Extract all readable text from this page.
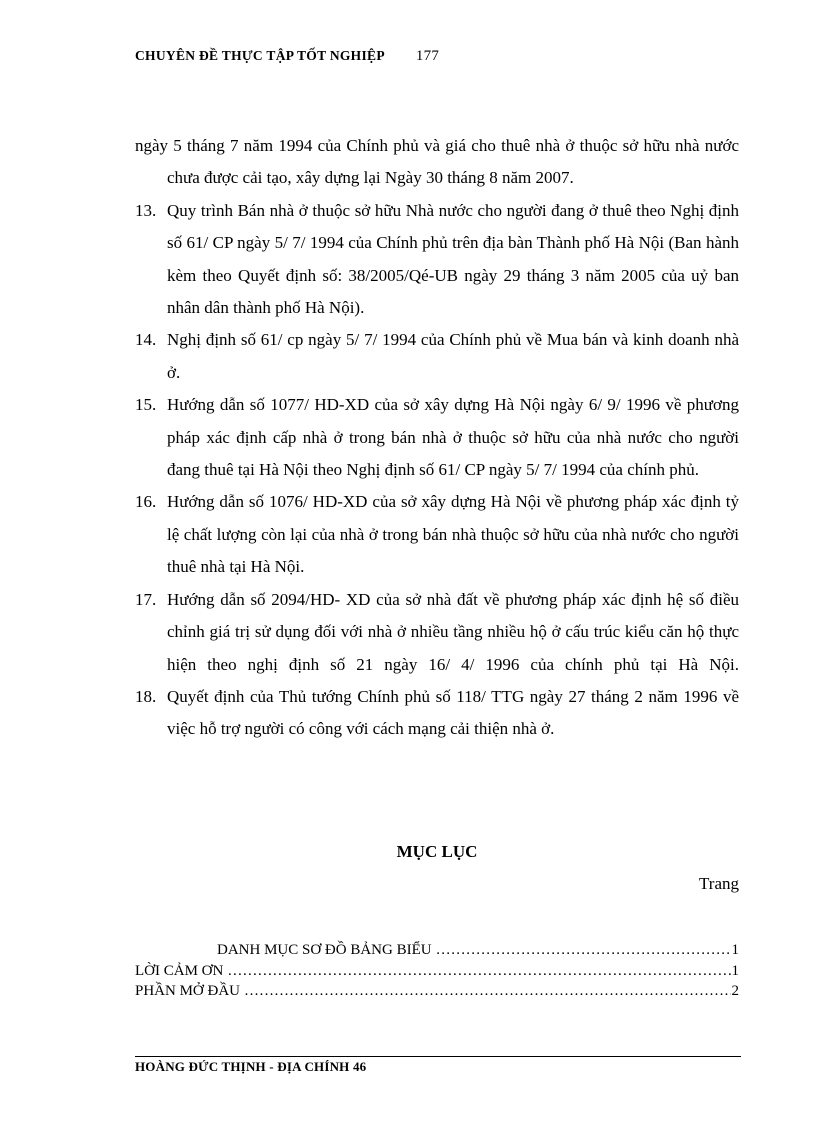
CHUYÊN ĐỀ THỰC TẬP TỐT NGHIỆP 177
ngày 5 tháng 7 năm 1994 của Chính phủ và giá cho thuê nhà ở thuộc sở hữu nhà nước chưa được cải tạo, xây dựng lại Ngày 30 tháng 8 năm 2007.
13. Quy trình Bán nhà ở thuộc sở hữu Nhà nước cho người đang ở thuê theo Nghị định số 61/ CP ngày 5/ 7/ 1994 của Chính phủ trên địa bàn Thành phố Hà Nội (Ban hành kèm theo Quyết định số: 38/2005/Qé-UB ngày 29 tháng 3 năm 2005 của uỷ ban nhân dân thành phố Hà Nội).
14. Nghị định số 61/ cp ngày 5/ 7/ 1994 của Chính phủ về Mua bán và kinh doanh nhà ở.
15. Hướng dẫn số 1077/ HD-XD của sở xây dựng Hà Nội ngày 6/ 9/ 1996 về phương pháp xác định cấp nhà ở trong bán nhà ở thuộc sở hữu của nhà nước cho người đang thuê tại Hà Nội theo Nghị định số 61/ CP ngày 5/ 7/ 1994 của chính phủ.
16. Hướng dẫn số 1076/ HD-XD của sở xây dựng Hà Nội về phương pháp xác định tỷ lệ chất lượng còn lại của nhà ở trong bán nhà thuộc sở hữu của nhà nước cho người thuê nhà tại Hà Nội.
17. Hướng dẫn số 2094/HD- XD của sở nhà đất về phương pháp xác định hệ số điều chỉnh giá trị sử dụng đối với nhà ở nhiều tầng nhiều hộ ở cấu trúc kiểu căn hộ thực hiện theo nghị định số 21 ngày 16/ 4/ 1996 của chính phủ tại Hà Nội.
18. Quyết định của Thủ tướng Chính phủ số 118/ TTG ngày 27 tháng 2 năm 1996 về việc hỗ trợ người có công với cách mạng cải thiện nhà ở.
MỤC LỤC
Trang
DANH MỤC SƠ ĐỒ BẢNG BIỂU ………………………………………………………………………………………………………………………………………………………………	1
LỜI CẢM ƠN ………………………………………………………………………………………………………………………………………………………………	1
PHẦN MỞ ĐẦU ………………………………………………………………………………………………………………………………………………………………	2
HOÀNG ĐỨC THỊNH - ĐỊA CHÍNH 46
